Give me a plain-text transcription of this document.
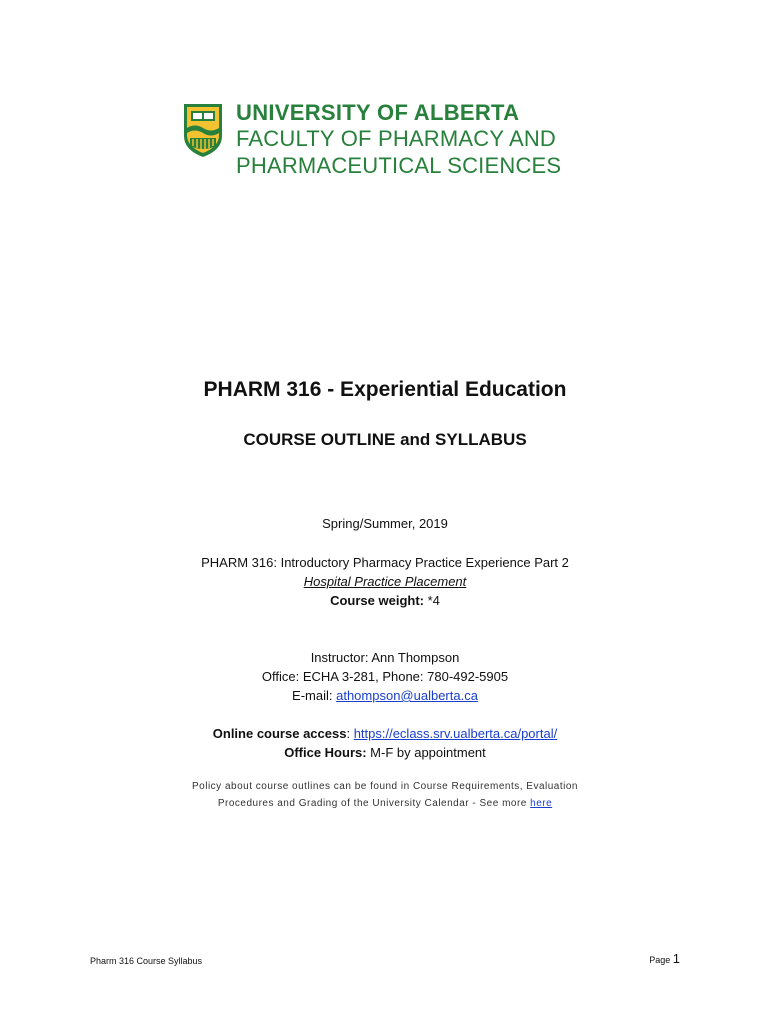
UNIVERSITY OF ALBERTA
FACULTY OF PHARMACY AND
PHARMACEUTICAL SCIENCES
PHARM 316 - Experiential Education
COURSE OUTLINE and SYLLABUS
Spring/Summer, 2019
PHARM 316: Introductory Pharmacy Practice Experience Part 2
Hospital Practice Placement
Course weight: *4
Instructor: Ann Thompson
Office: ECHA 3-281, Phone: 780-492-5905
E-mail: athompson@ualberta.ca
Online course access: https://eclass.srv.ualberta.ca/portal/
Office Hours: M-F by appointment
Policy about course outlines can be found in Course Requirements, Evaluation
Procedures and Grading of the University Calendar - See more here
Pharm 316 Course Syllabus	Page 1
